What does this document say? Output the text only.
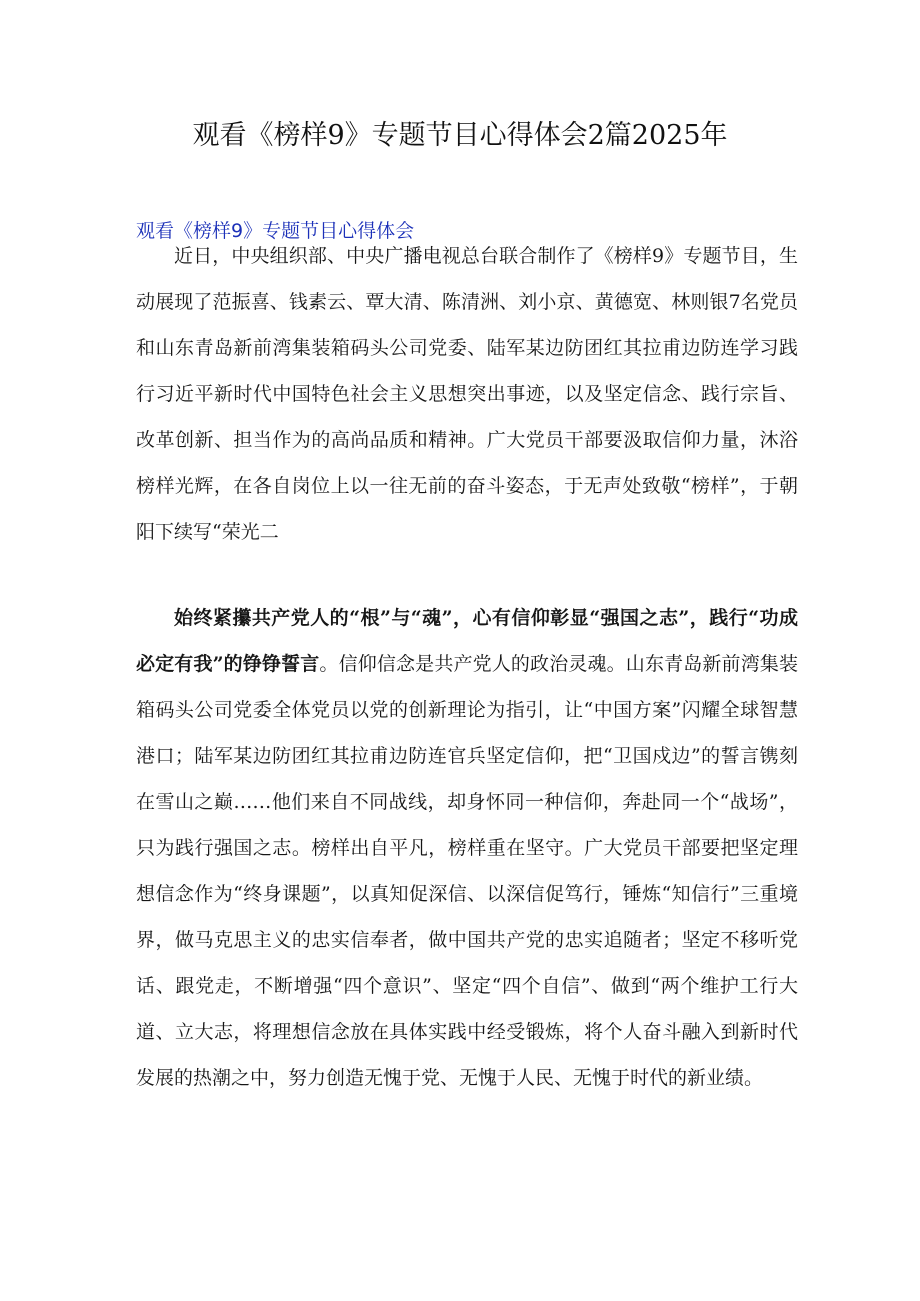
观看《榜样9》专题节目心得体会2篇2025年
观看《榜样9》专题节目心得体会

近日，中央组织部、中央广播电视总台联合制作了《榜样9》专题节目，生动展现了范振喜、钱素云、覃大清、陈清洲、刘小京、黄德宽、林则银7名党员和山东青岛新前湾集装箱码头公司党委、陆军某边防团红其拉甫边防连学习践行习近平新时代中国特色社会主义思想突出事迹，以及坚定信念、践行宗旨、改革创新、担当作为的高尚品质和精神。广大党员干部要汲取信仰力量，沐浴榜样光辉，在各自岗位上以一往无前的奋斗姿态，于无声处致敬“榜样”，于朝阳下续写“荣光二

始终紧攥共产党人的“根”与“魂”，心有信仰彰显“强国之志”，践行“功成必定有我”的铮铮誓言。信仰信念是共产党人的政治灵魂。山东青岛新前湾集装箱码头公司党委全体党员以党的创新理论为指引，让“中国方案”闪耀全球智慧港口；陆军某边防团红其拉甫边防连官兵坚定信仰，把“卫国戍边”的誓言镌刻在雪山之巅……他们来自不同战线，却身怀同一种信仰，奔赴同一个“战场”，只为践行强国之志。榜样出自平凡，榜样重在坚守。广大党员干部要把坚定理想信念作为“终身课题”，以真知促深信、以深信促笃行，锤炼“知信行”三重境界，做马克思主义的忠实信奉者，做中国共产党的忠实追随者；坚定不移听党话、跟党走，不断增强“四个意识”、坚定“四个自信”、做到“两个维护工行大道、立大志，将理想信念放在具体实践中经受锻炼，将个人奋斗融入到新时代发展的热潮之中，努力创造无愧于党、无愧于人民、无愧于时代的新业绩。
